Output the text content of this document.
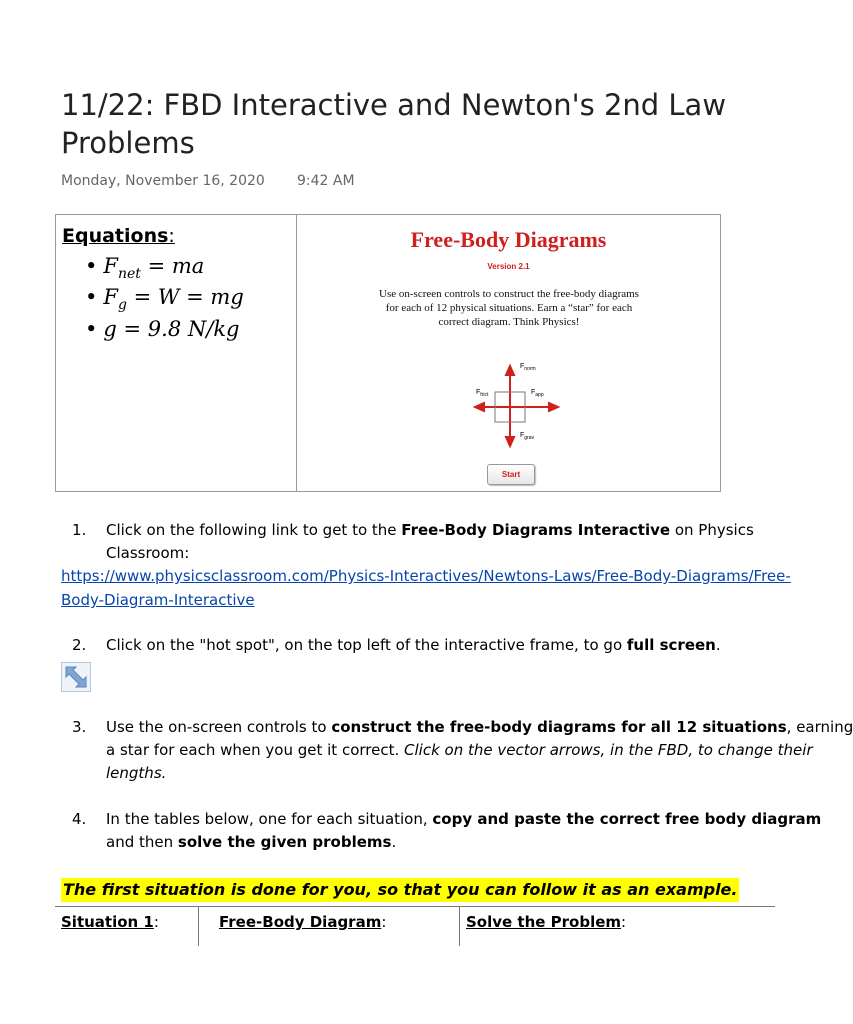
11/22: FBD Interactive and Newton's 2nd Law Problems
Monday, November 16, 2020 9:42 AM
Equations:
• $F_{net}$ = ma
• $F_g = W$ = mg
• g = 9.8 N/kg
Free-Body Diagrams
Version 2.1
Use on-screen controls to construct the free-body diagrams for each of 12 physical situations. Earn a “star” for each correct diagram. Think Physics!
$F_{norm}$
$F_{frict}$	$F_{app}$
$F_{grav}$
Start
1. Click on the following link to get to the Free-Body Diagrams Interactive on Physics
Classroom:
https://www.physicsclassroom.com/Physics-Interactives/Newtons-Laws/Free-Body-Diagrams/Free-
Body-Diagram-Interactive
2. Click on the "hot spot", on the top left of the interactive frame, to go full screen.
3. Use the on-screen controls to construct the free-body diagrams for all 12 situations, earning
a star for each when you get it correct. Click on the vector arrows, in the FBD, to change their
lengths.
4. In the tables below, one for each situation, copy and paste the correct free body diagram
and then solve the given problems.
The first situation is done for you, so that you can follow it as an example.
Situation 1:	Free-Body Diagram:	Solve the Problem:
